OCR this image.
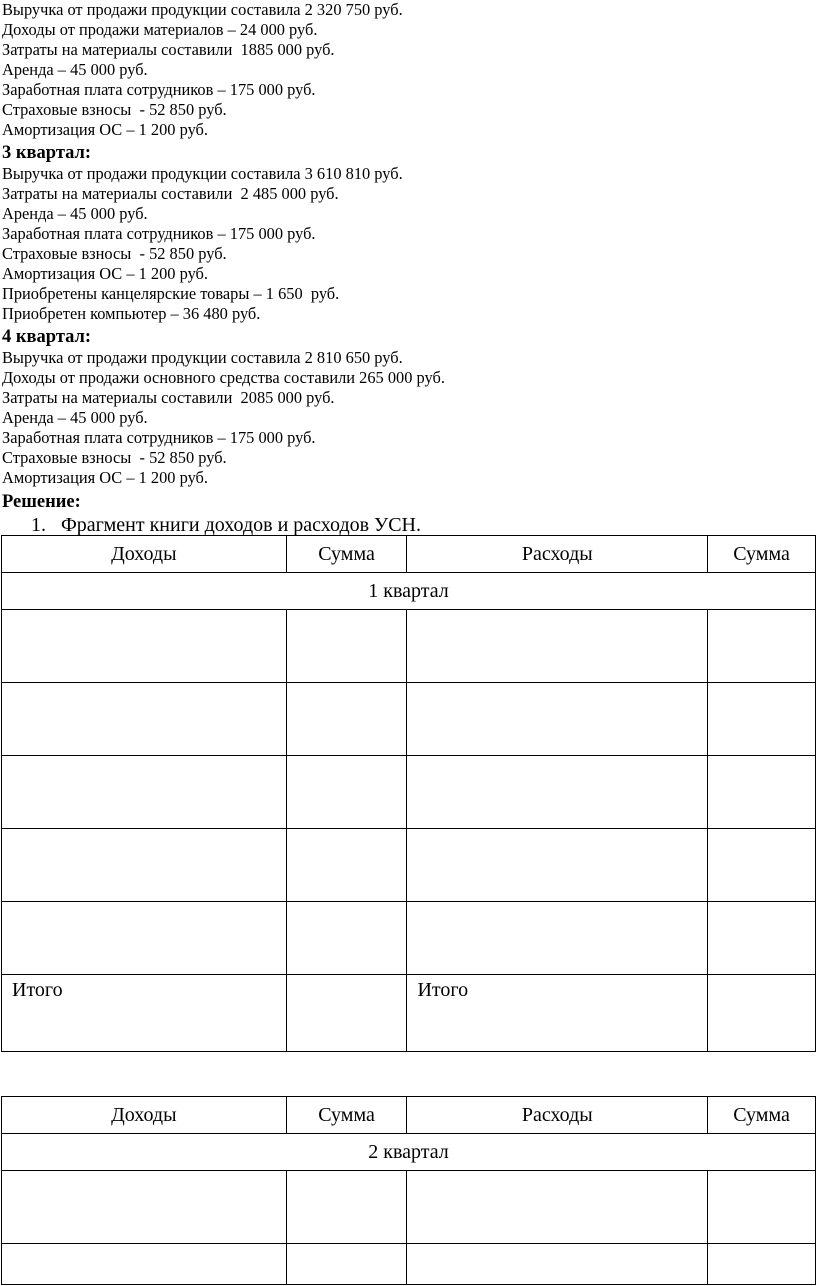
Выручка от продажи продукции составила 2 320 750 руб.
Доходы от продажи материалов – 24 000 руб.
Затраты на материалы составили  1885 000 руб.
Аренда – 45 000 руб.
Заработная плата сотрудников – 175 000 руб.
Страховые взносы  - 52 850 руб.
Амортизация ОС – 1 200 руб.
3 квартал:
Выручка от продажи продукции составила 3 610 810 руб.
Затраты на материалы составили  2 485 000 руб.
Аренда – 45 000 руб.
Заработная плата сотрудников – 175 000 руб.
Страховые взносы  - 52 850 руб.
Амортизация ОС – 1 200 руб.
Приобретены канцелярские товары – 1 650  руб.
Приобретен компьютер – 36 480 руб.
4 квартал:
Выручка от продажи продукции составила 2 810 650 руб.
Доходы от продажи основного средства составили 265 000 руб.
Затраты на материалы составили  2085 000 руб.
Аренда – 45 000 руб.
Заработная плата сотрудников – 175 000 руб.
Страховые взносы  - 52 850 руб.
Амортизация ОС – 1 200 руб.
Решение:
1. Фрагмент книги доходов и расходов УСН.
Доходы	Сумма	Расходы	Сумма
1 квартал			

Итого		Итого	
Доходы	Сумма	Расходы	Сумма
2 квартал			
